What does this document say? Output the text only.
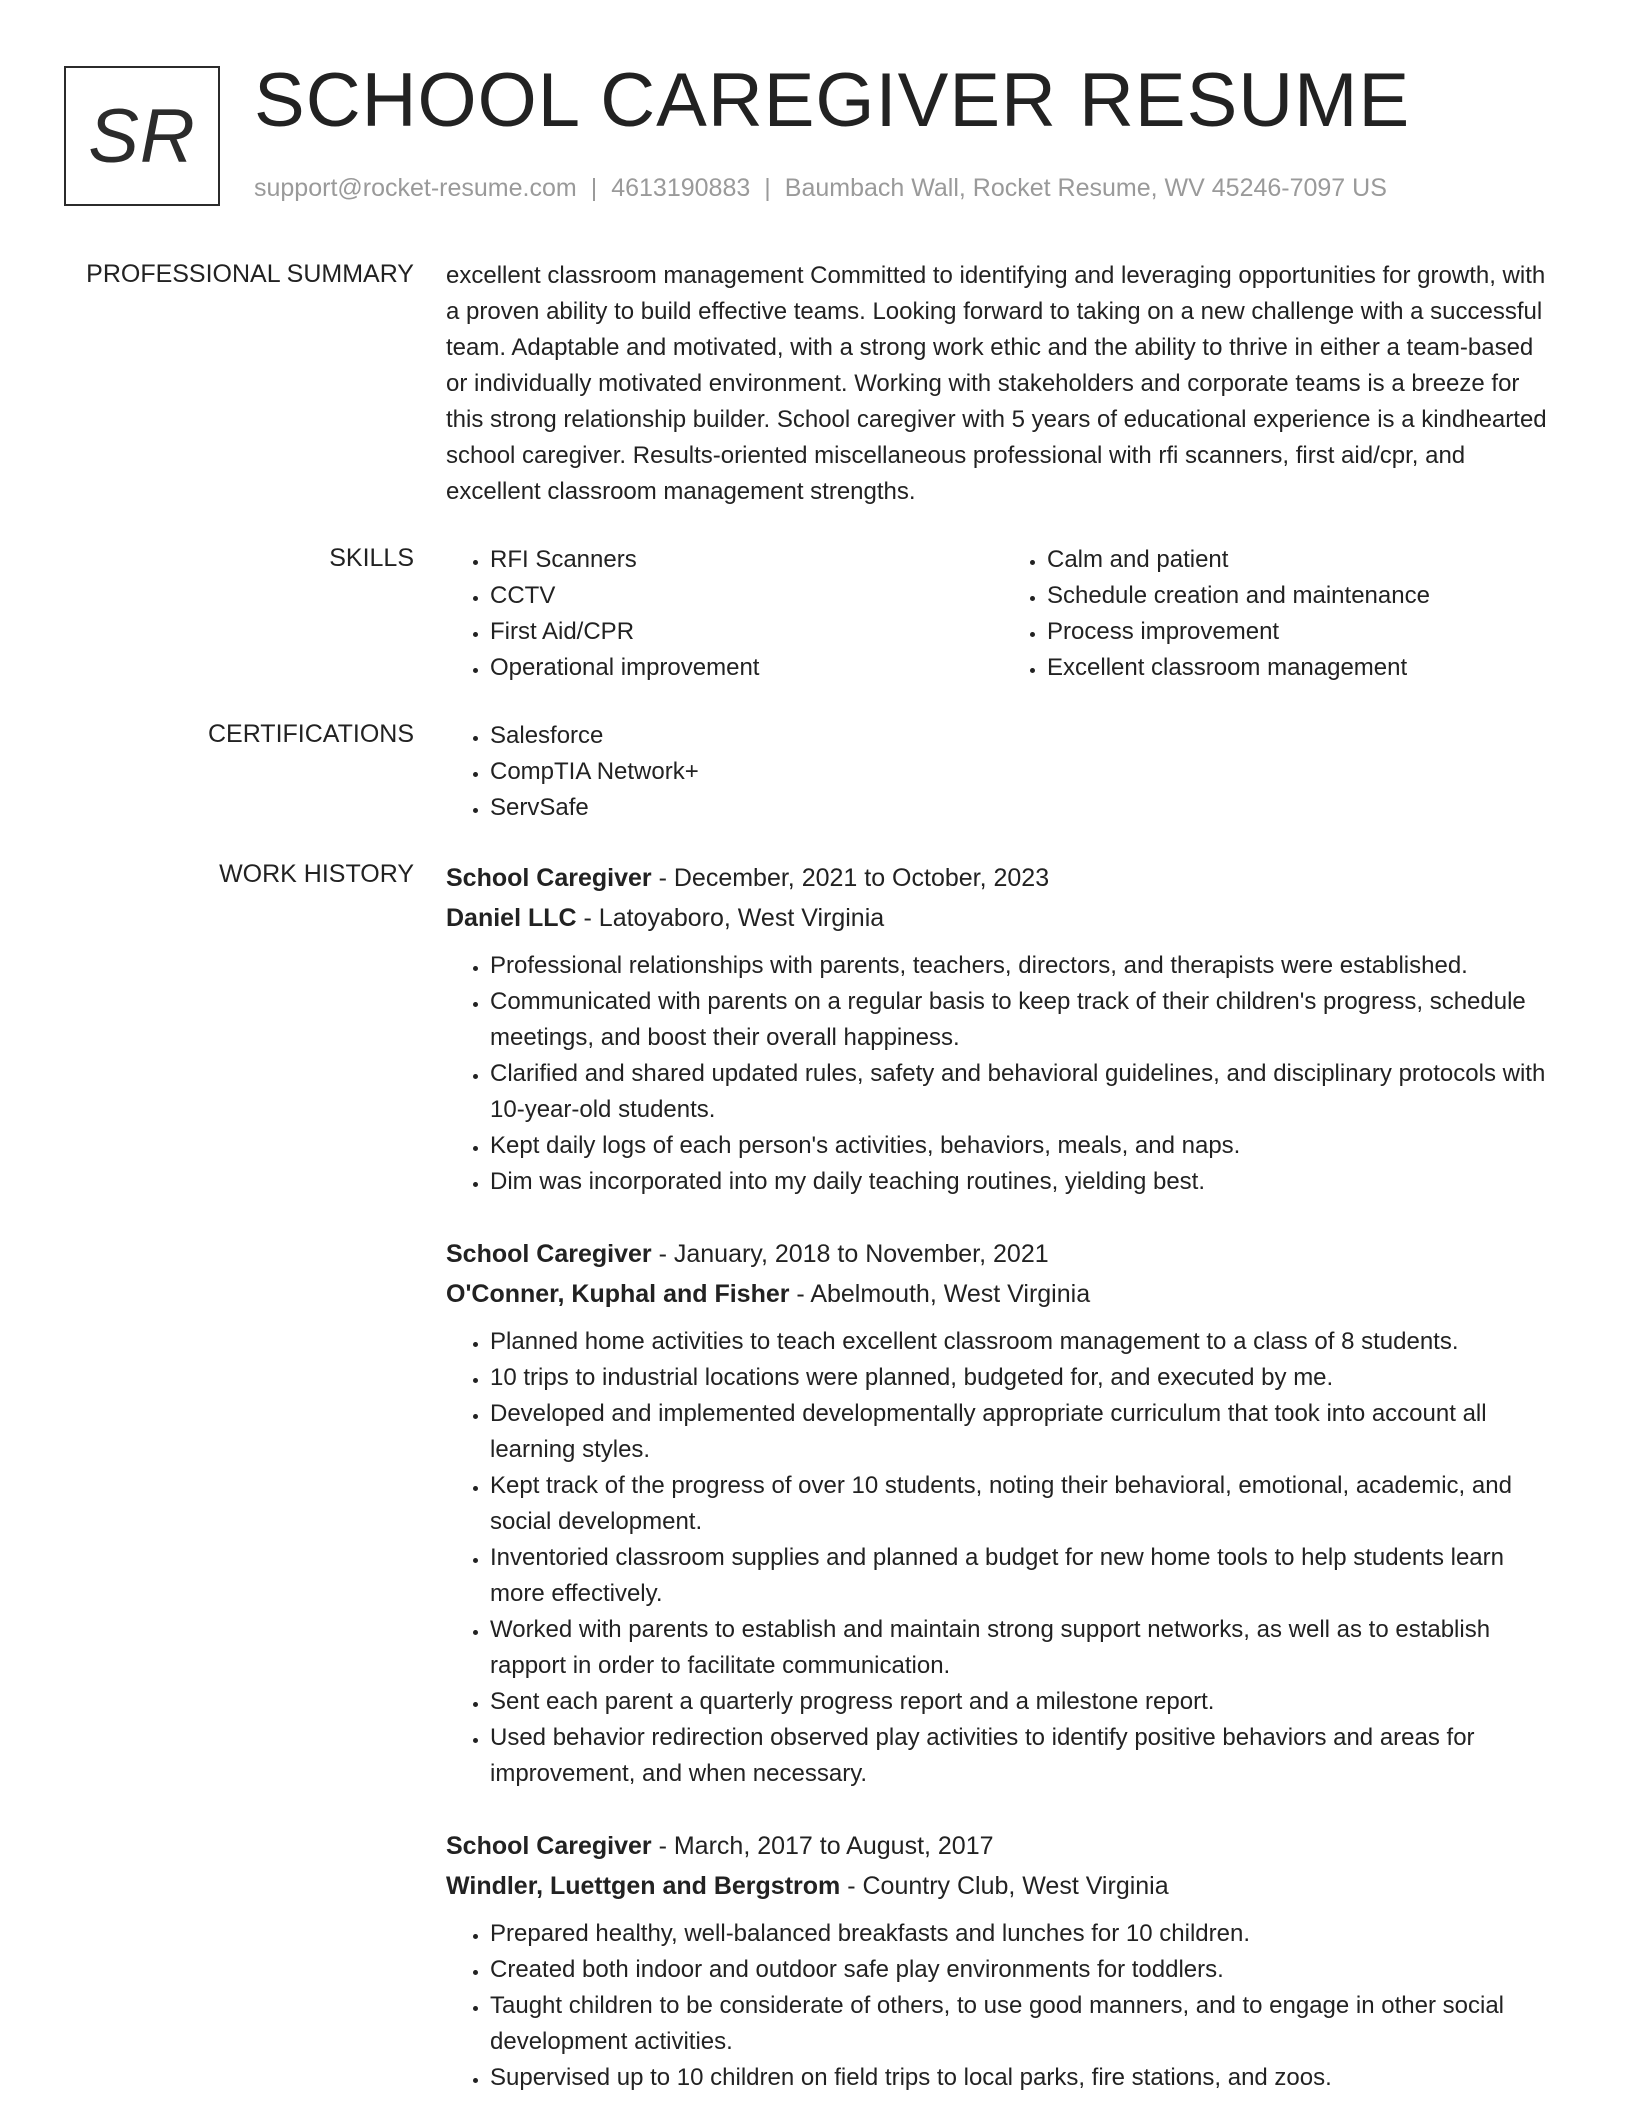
SR SCHOOL CAREGIVER RESUME
support@rocket-resume.com | 4613190883 | Baumbach Wall, Rocket Resume, WV 45246-7097 US
PROFESSIONAL SUMMARY excellent classroom management Committed to identifying and leveraging opportunities for growth, with a proven ability to build effective teams. Looking forward to taking on a new challenge with a successful team. Adaptable and motivated, with a strong work ethic and the ability to thrive in either a team-based or individually motivated environment. Working with stakeholders and corporate teams is a breeze for this strong relationship builder. School caregiver with 5 years of educational experience is a kindhearted school caregiver. Results-oriented miscellaneous professional with rfi scanners, first aid/cpr, and excellent classroom management strengths.

SKILLS	• RFI Scanners
• CCTV
• First Aid/CPR
• Operational improvement
• Calm and patient
• Schedule creation and maintenance
• Process improvement
• Excellent classroom management
CERTIFICATIONS	• Salesforce
• CompTIA Network+
• ServSafe
WORK HISTORY School Caregiver - December, 2021 to October, 2023
Daniel LLC - Latoyaboro, West Virginia
• Professional relationships with parents, teachers, directors, and therapists were established.
• Communicated with parents on a regular basis to keep track of their children's progress, schedule meetings, and boost their overall happiness.
• Clarified and shared updated rules, safety and behavioral guidelines, and disciplinary protocols with 10-year-old students.
• Kept daily logs of each person's activities, behaviors, meals, and naps.
• Dim was incorporated into my daily teaching routines, yielding best.
School Caregiver - January, 2018 to November, 2021
O'Conner, Kuphal and Fisher - Abelmouth, West Virginia
• Planned home activities to teach excellent classroom management to a class of 8 students.
• 10 trips to industrial locations were planned, budgeted for, and executed by me.
• Developed and implemented developmentally appropriate curriculum that took into account all learning styles.
• Kept track of the progress of over 10 students, noting their behavioral, emotional, academic, and social development.
• Inventoried classroom supplies and planned a budget for new home tools to help students learn more effectively.
• Worked with parents to establish and maintain strong support networks, as well as to establish rapport in order to facilitate communication.
• Sent each parent a quarterly progress report and a milestone report.
• Used behavior redirection observed play activities to identify positive behaviors and areas for improvement, and when necessary.
School Caregiver - March, 2017 to August, 2017
Windler, Luettgen and Bergstrom - Country Club, West Virginia
• Prepared healthy, well-balanced breakfasts and lunches for 10 children.
• Created both indoor and outdoor safe play environments for toddlers.
• Taught children to be considerate of others, to use good manners, and to engage in other social development activities.
• Supervised up to 10 children on field trips to local parks, fire stations, and zoos.
